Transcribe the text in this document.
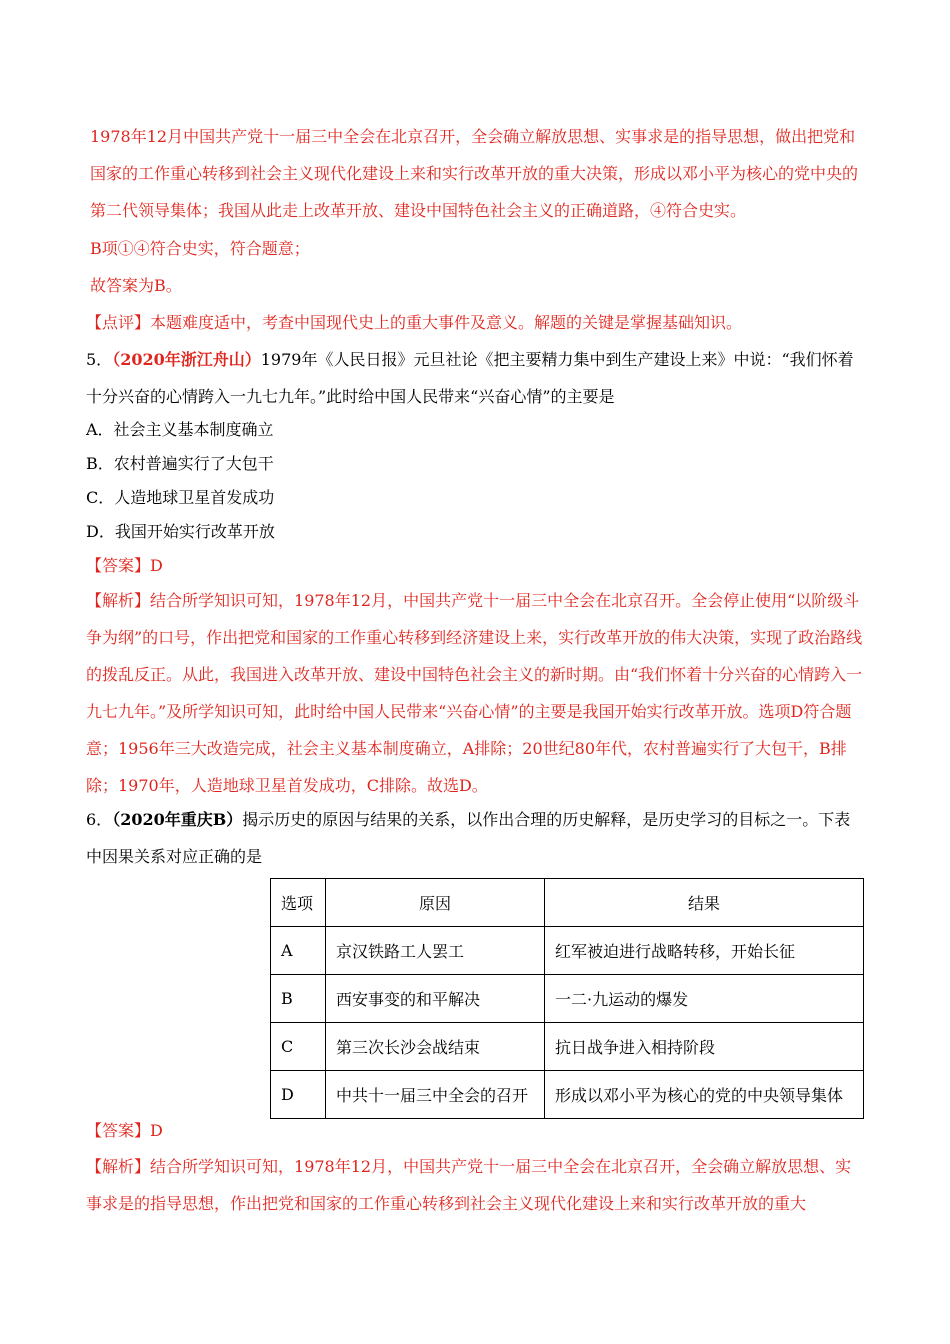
1978年12月中国共产党十一届三中全会在北京召开，全会确立解放思想、实事求是的指导思想，做出把党和国家的工作重心转移到社会主义现代化建设上来和实行改革开放的重大决策，形成以邓小平为核心的党中央的第二代领导集体；我国从此走上改革开放、建设中国特色社会主义的正确道路，④符合史实。

B项①④符合史实，符合题意；

故答案为B。

【点评】本题难度适中，考查中国现代史上的重大事件及意义。解题的关键是掌握基础知识。

5．（2020年浙江舟山）1979年《人民日报》元旦社论《把主要精力集中到生产建设上来》中说：“我们怀着十分兴奋的心情跨入一九七九年。”此时给中国人民带来“兴奋心情”的主要是

A．社会主义基本制度确立

B．农村普遍实行了大包干

C．人造地球卫星首发成功

D．我国开始实行改革开放

【答案】D

【解析】结合所学知识可知，1978年12月，中国共产党十一届三中全会在北京召开。全会停止使用“以阶级斗争为纲”的口号，作出把党和国家的工作重心转移到经济建设上来，实行改革开放的伟大决策，实现了政治路线的拨乱反正。从此，我国进入改革开放、建设中国特色社会主义的新时期。由“我们怀着十分兴奋的心情跨入一九七九年。”及所学知识可知，此时给中国人民带来“兴奋心情”的主要是我国开始实行改革开放。选项D符合题意；1956年三大改造完成，社会主义基本制度确立，A排除；20世纪80年代，农村普遍实行了大包干，B排除；1970年，人造地球卫星首发成功，C排除。故选D。

6．（2020年重庆B）揭示历史的原因与结果的关系，以作出合理的历史解释，是历史学习的目标之一。下表中因果关系对应正确的是

选项	原因	结果
A	京汉铁路工人罢工	红军被迫进行战略转移，开始长征
B	西安事变的和平解决	一二·九运动的爆发
C	第三次长沙会战结束	抗日战争进入相持阶段
D	中共十一届三中全会的召开	形成以邓小平为核心的党的中央领导集体

【答案】D

【解析】结合所学知识可知，1978年12月，中国共产党十一届三中全会在北京召开，全会确立解放思想、实事求是的指导思想，作出把党和国家的工作重心转移到社会主义现代化建设上来和实行改革开放的重大
